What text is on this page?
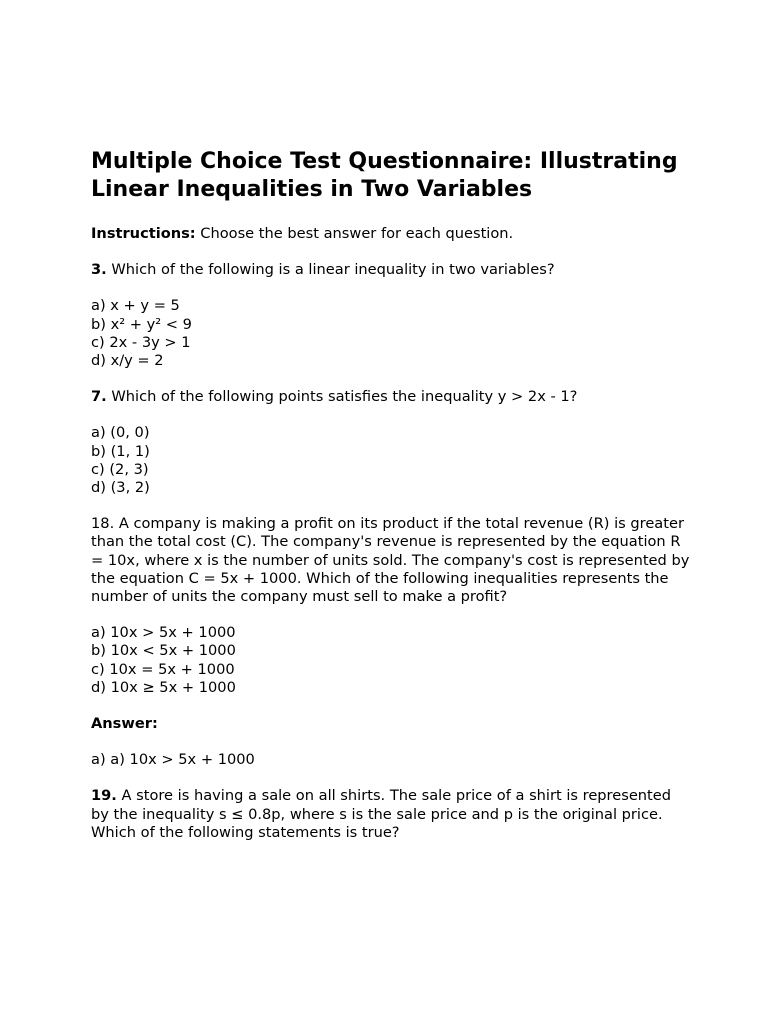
Multiple Choice Test Questionnaire: Illustrating Linear Inequalities in Two Variables

Instructions: Choose the best answer for each question.

3. Which of the following is a linear inequality in two variables?

a) x + y = 5
b) x² + y² < 9
c) 2x - 3y > 1
d) x/y = 2

7. Which of the following points satisfies the inequality y > 2x - 1?

a) (0, 0)
b) (1, 1)
c) (2, 3)
d) (3, 2)

18. A company is making a profit on its product if the total revenue (R) is greater than the total cost (C). The company's revenue is represented by the equation R = 10x, where x is the number of units sold. The company's cost is represented by the equation C = 5x + 1000. Which of the following inequalities represents the number of units the company must sell to make a profit?

a) 10x > 5x + 1000
b) 10x < 5x + 1000
c) 10x = 5x + 1000
d) 10x ≥ 5x + 1000

Answer:

a) a) 10x > 5x + 1000

19. A store is having a sale on all shirts. The sale price of a shirt is represented by the inequality s ≤ 0.8p, where s is the sale price and p is the original price. Which of the following statements is true?
